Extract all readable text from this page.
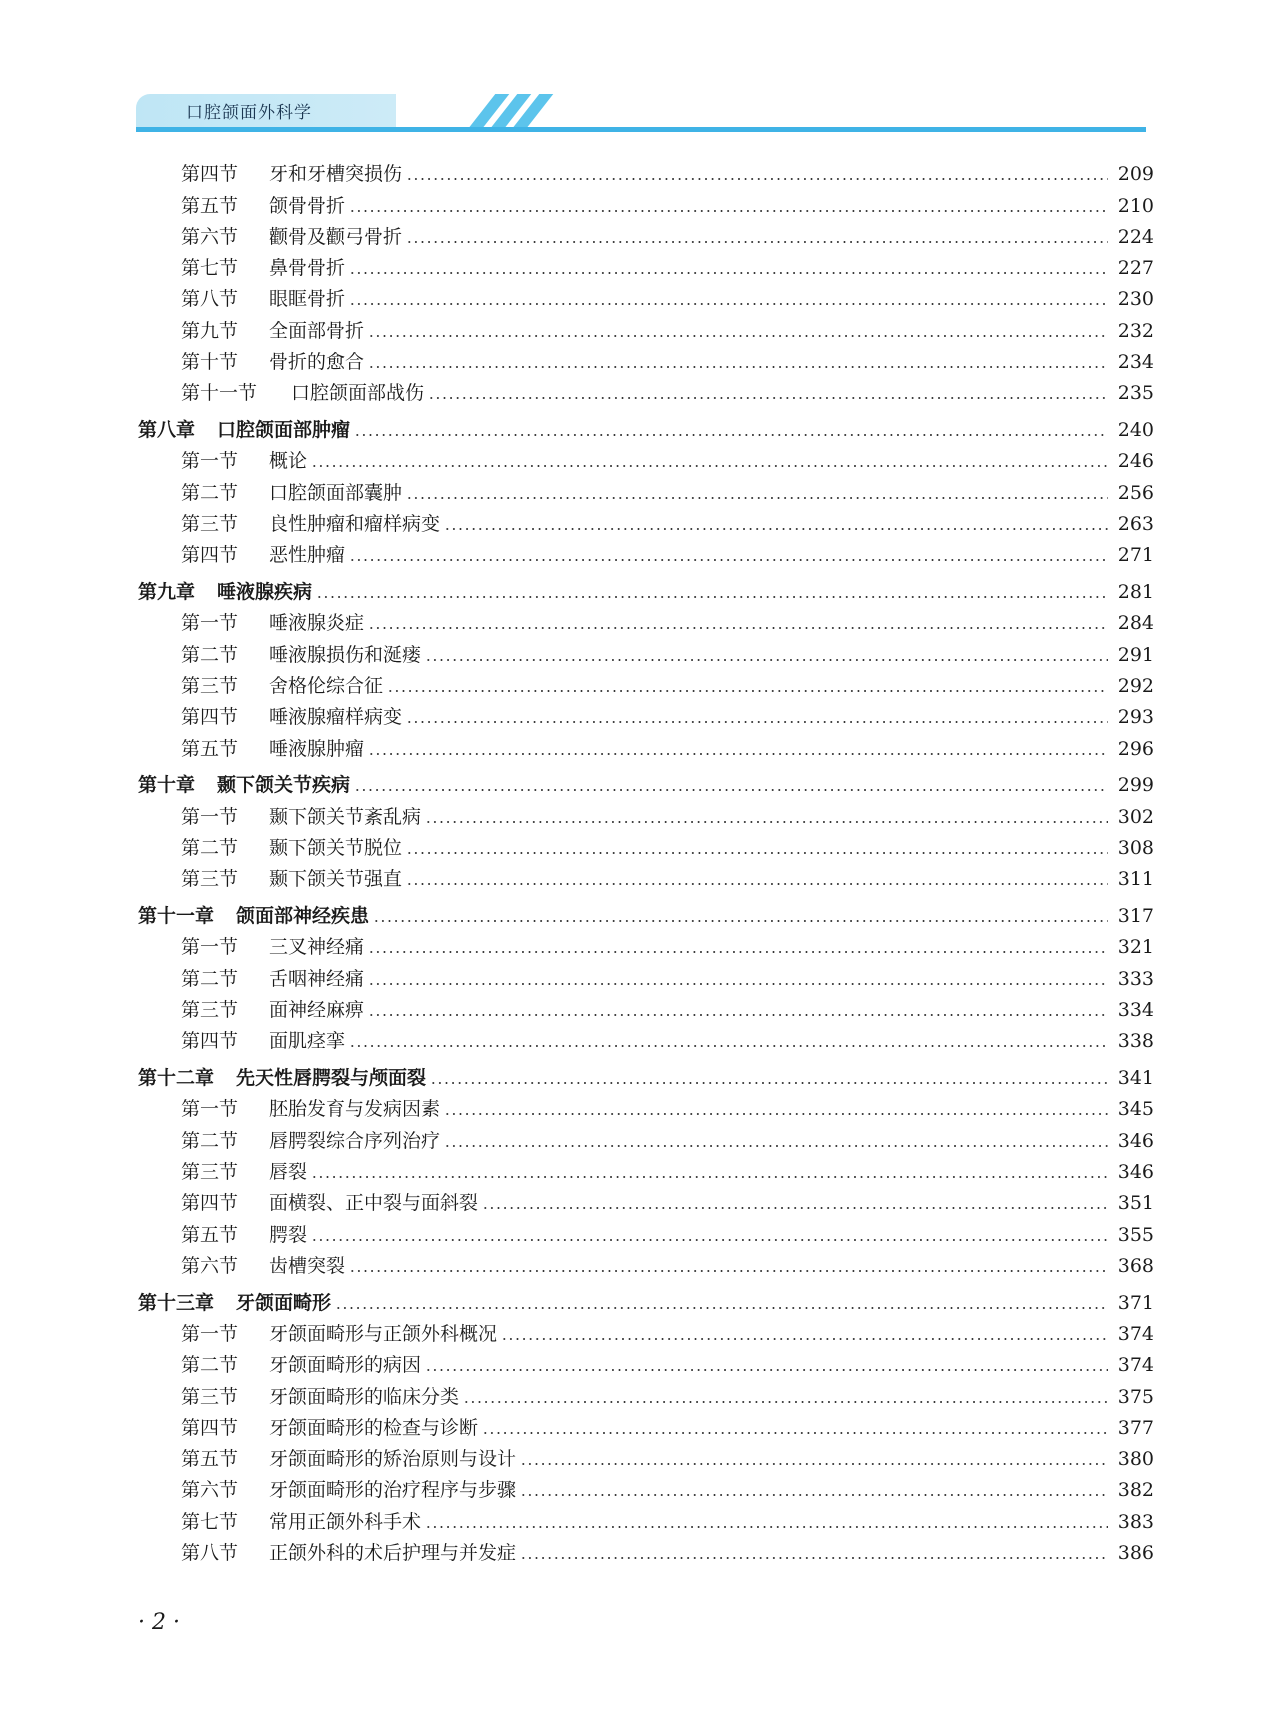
口腔颌面外科学
第四节 牙和牙槽突损伤	209
第五节 颌骨骨折	210
第六节 颧骨及颧弓骨折	224
第七节 鼻骨骨折	227
第八节 眼眶骨折	230
第九节 全面部骨折	232
第十节 骨折的愈合	234
第十一节 口腔颌面部战伤	235
第八章 口腔颌面部肿瘤	240
第一节 概论	246
第二节 口腔颌面部囊肿	256
第三节 良性肿瘤和瘤样病变	263
第四节 恶性肿瘤	271
第九章 唾液腺疾病	281
第一节 唾液腺炎症	284
第二节 唾液腺损伤和涎瘘	291
第三节 舍格伦综合征	292
第四节 唾液腺瘤样病变	293
第五节 唾液腺肿瘤	296
第十章 颞下颌关节疾病	299
第一节 颞下颌关节紊乱病	302
第二节 颞下颌关节脱位	308
第三节 颞下颌关节强直	311
第十一章 颌面部神经疾患	317
第一节 三叉神经痛	321
第二节 舌咽神经痛	333
第三节 面神经麻痹	334
第四节 面肌痉挛	338
第十二章 先天性唇腭裂与颅面裂	341
第一节 胚胎发育与发病因素	345
第二节 唇腭裂综合序列治疗	346
第三节 唇裂	346
第四节 面横裂、正中裂与面斜裂	351
第五节 腭裂	355
第六节 齿槽突裂	368
第十三章 牙颌面畸形	371
第一节 牙颌面畸形与正颌外科概况	374
第二节 牙颌面畸形的病因	374
第三节 牙颌面畸形的临床分类	375
第四节 牙颌面畸形的检查与诊断	377
第五节 牙颌面畸形的矫治原则与设计	380
第六节 牙颌面畸形的治疗程序与步骤	382
第七节 常用正颌外科手术	383
第八节 正颌外科的术后护理与并发症	386
· 2 ·
